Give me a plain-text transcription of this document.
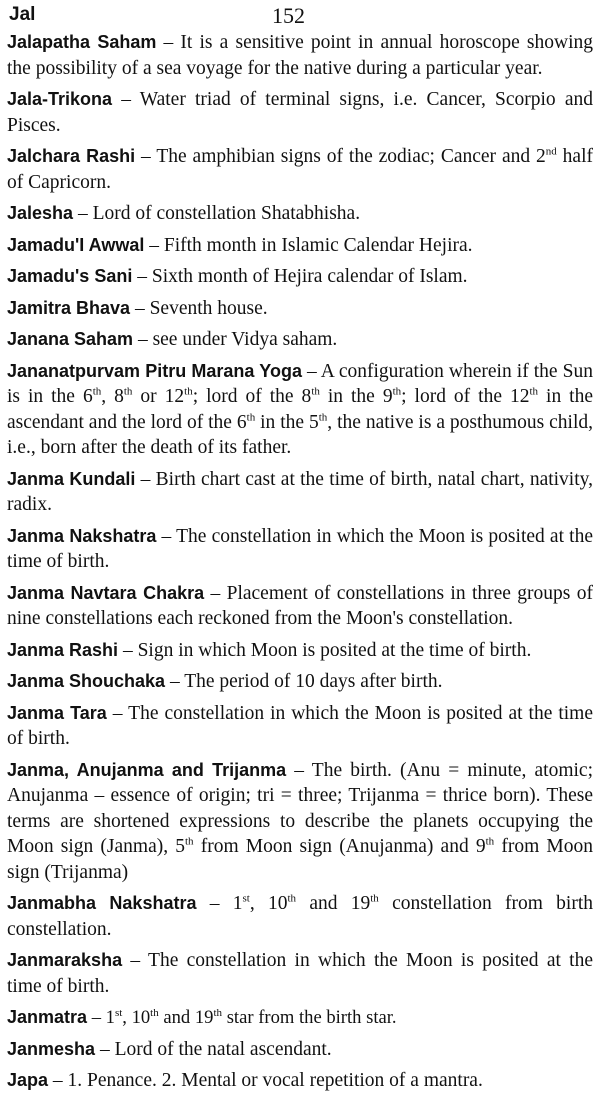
Jal	152

Jalapatha Saham – It is a sensitive point in annual horoscope showing the possibility of a sea voyage for the native during a particular year.

Jala-Trikona – Water triad of terminal signs, i.e. Cancer, Scorpio and Pisces.

Jalchara Rashi – The amphibian signs of the zodiac; Cancer and 2nd half of Capricorn.

Jalesha – Lord of constellation Shatabhisha.

Jamadu'I Awwal – Fifth month in Islamic Calendar Hejira.

Jamadu's Sani – Sixth month of Hejira calendar of Islam.

Jamitra Bhava – Seventh house.

Janana Saham – see under Vidya saham.

Jananatpurvam Pitru Marana Yoga – A configuration wherein if the Sun is in the 6th, 8th or 12th; lord of the 8th in the 9th; lord of the 12th in the ascendant and the lord of the 6th in the 5th, the native is a posthumous child, i.e., born after the death of its father.

Janma Kundali – Birth chart cast at the time of birth, natal chart, nativity, radix.

Janma Nakshatra – The constellation in which the Moon is posited at the time of birth.

Janma Navtara Chakra – Placement of constellations in three groups of nine constellations each reckoned from the Moon's constellation.

Janma Rashi – Sign in which Moon is posited at the time of birth.

Janma Shouchaka – The period of 10 days after birth.

Janma Tara – The constellation in which the Moon is posited at the time of birth.

Janma, Anujanma and Trijanma – The birth. (Anu = minute, atomic; Anujanma – essence of origin; tri = three; Trijanma = thrice born). These terms are shortened expressions to describe the planets occupying the Moon sign (Janma), 5th from Moon sign (Anujanma) and 9th from Moon sign (Trijanma)

Janmabha Nakshatra – 1st, 10th and 19th constellation from birth constellation.

Janmaraksha – The constellation in which the Moon is posited at the time of birth.

Janmatra – 1st, 10th and 19th star from the birth star.

Janmesha – Lord of the natal ascendant.

Japa – 1. Penance. 2. Mental or vocal repetition of a mantra.
